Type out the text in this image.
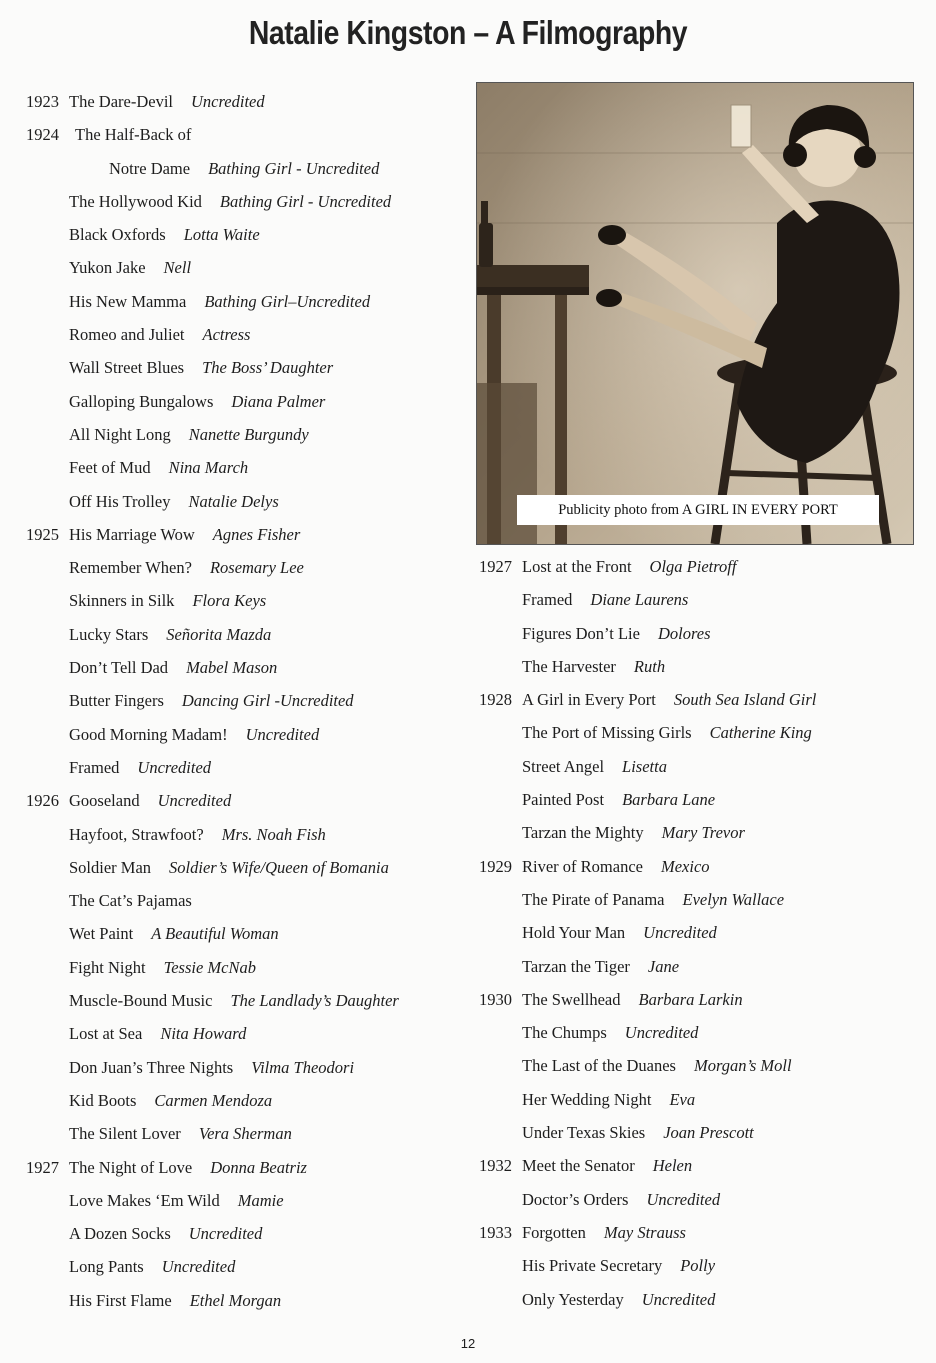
Natalie Kingston – A Filmography
1923 The Dare-Devil Uncredited
1924 The Half-Back of
Notre Dame Bathing Girl - Uncredited
The Hollywood Kid Bathing Girl - Uncredited
Black Oxfords Lotta Waite
Yukon Jake Nell
His New Mamma Bathing Girl–Uncredited
Romeo and Juliet Actress
Wall Street Blues The Boss’ Daughter
Galloping Bungalows Diana Palmer
All Night Long Nanette Burgundy
Feet of Mud Nina March
Off His Trolley Natalie Delys
1925 His Marriage Wow Agnes Fisher
Remember When? Rosemary Lee
Skinners in Silk Flora Keys
Lucky Stars Señorita Mazda
Don’t Tell Dad Mabel Mason
Butter Fingers Dancing Girl -Uncredited
Good Morning Madam! Uncredited
Framed Uncredited
1926 Gooseland Uncredited
Hayfoot, Strawfoot? Mrs. Noah Fish
Soldier Man Soldier’s Wife/Queen of Bomania
The Cat’s Pajamas
Wet Paint A Beautiful Woman
Fight Night Tessie McNab
Muscle-Bound Music The Landlady’s Daughter
Lost at Sea Nita Howard
Don Juan’s Three Nights Vilma Theodori
Kid Boots Carmen Mendoza
The Silent Lover Vera Sherman
1927 The Night of Love Donna Beatriz
Love Makes ‘Em Wild Mamie
A Dozen Socks Uncredited
Long Pants Uncredited
His First Flame Ethel Morgan
Publicity photo from A GIRL IN EVERY PORT
1927 Lost at the Front Olga Pietroff
Framed Diane Laurens
Figures Don’t Lie Dolores
The Harvester Ruth
1928 A Girl in Every Port South Sea Island Girl
The Port of Missing Girls Catherine King
Street Angel Lisetta
Painted Post Barbara Lane
Tarzan the Mighty Mary Trevor
1929 River of Romance Mexico
The Pirate of Panama Evelyn Wallace
Hold Your Man Uncredited
Tarzan the Tiger Jane
1930 The Swellhead Barbara Larkin
The Chumps Uncredited
The Last of the Duanes Morgan’s Moll
Her Wedding Night Eva
Under Texas Skies Joan Prescott
1932 Meet the Senator Helen
Doctor’s Orders Uncredited
1933 Forgotten May Strauss
His Private Secretary Polly
Only Yesterday Uncredited
12
